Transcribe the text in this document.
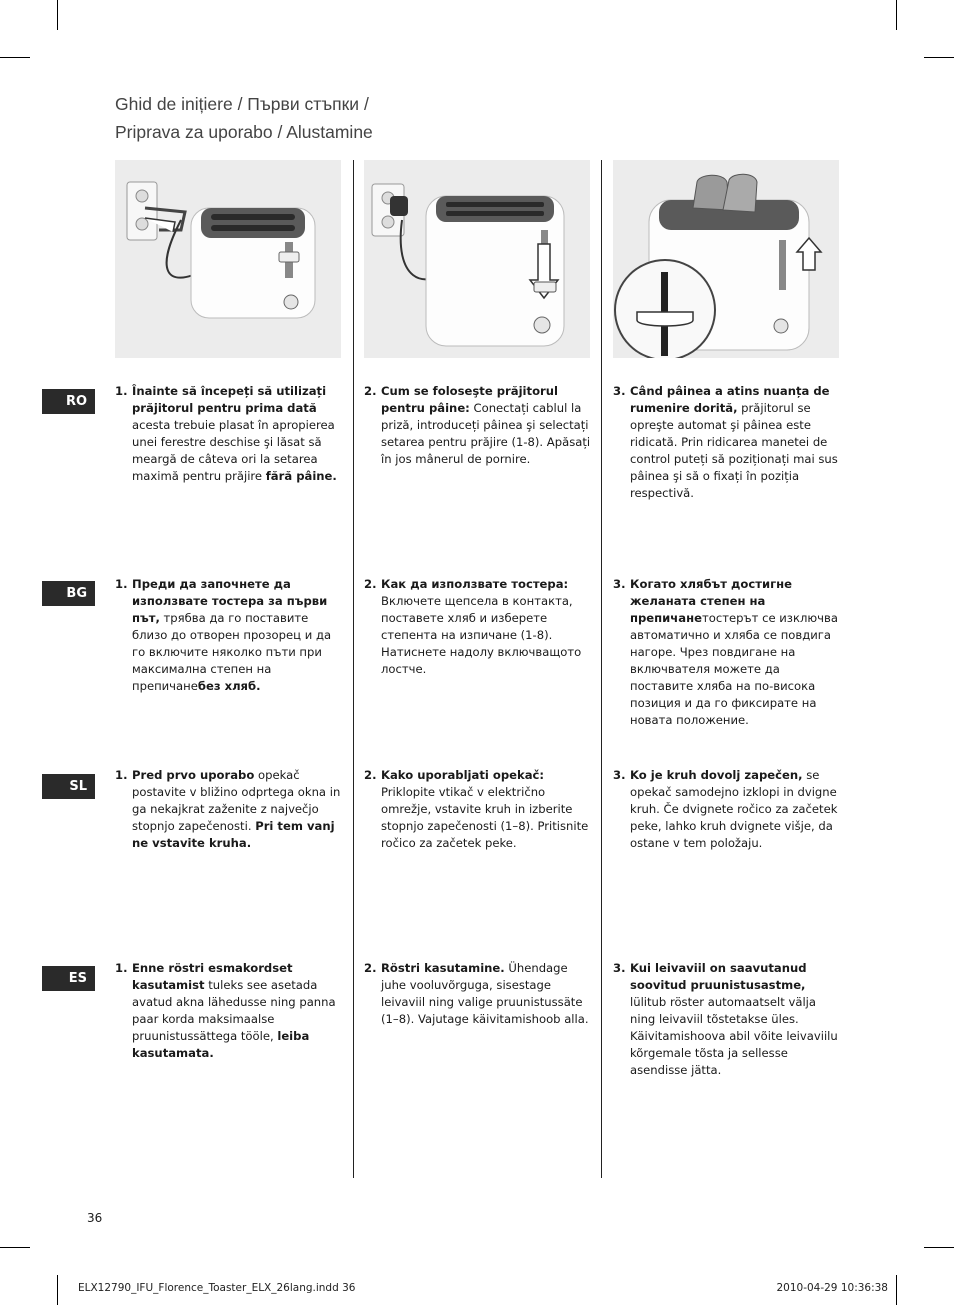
Ghid de inițiere / Първи стъпки /
Priprava za uporabo / Alustamine
RO
1. Înainte să începeți să utilizați prăjitorul pentru prima dată acesta trebuie plasat în apropierea unei ferestre deschise şi lăsat să meargă de câteva ori la setarea maximă pentru prăjire fără pâine.
2. Cum se foloseşte prăjitorul pentru pâine: Conectați cablul la priză, introduceți pâinea şi selectați setarea pentru prăjire (1-8). Apăsați în jos mânerul de pornire.
3. Când pâinea a atins nuanța de rumenire dorită, prăjitorul se opreşte automat şi pâinea este ridicată. Prin ridicarea manetei de control puteți să poziționați mai sus pâinea şi să o fixați în poziția respectivă.
BG
1. Преди да започнете да използвате тостера за първи път, трябва да го поставите близо до отворен прозорец и да го включите няколко пъти при максимална степен на препичанебез хляб.
2. Как да използвате тостера: Включете щепсела в контакта, поставете хляб и изберете степента на изпичане (1-8). Натиснете надолу включващото лостче.
3. Когато хлябът достигне желаната степен на препичанетостерът се изключва автоматично и хляба се повдига нагоре. Чрез повдигане на включвателя можете да поставите хляба на по-висока позиция и да го фиксирате на новата положение.
SL
1. Pred prvo uporabo opekač postavite v bližino odprtega okna in ga nekajkrat zaženite z največjo stopnjo zapečenosti. Pri tem vanj ne vstavite kruha.
2. Kako uporabljati opekač: Priklopite vtikač v električno omrežje, vstavite kruh in izberite stopnjo zapečenosti (1–8). Pritisnite ročico za začetek peke.
3. Ko je kruh dovolj zapečen, se opekač samodejno izklopi in dvigne kruh. Če dvignete ročico za začetek peke, lahko kruh dvignete višje, da ostane v tem položaju.
ES
1. Enne röstri esmakordset kasutamist tuleks see asetada avatud akna lähedusse ning panna paar korda maksimaalse pruunistussättega tööle, leiba kasutamata.
2. Röstri kasutamine. Ühendage juhe vooluvõrguga, sisestage leivaviil ning valige pruunistussäte (1–8). Vajutage käivitamishoob alla.
3. Kui leivaviil on saavutanud soovitud pruunistusastme, lülitub röster automaatselt välja ning leivaviil tõstetakse üles. Käivitamishoova abil võite leivaviilu kõrgemale tõsta ja sellesse asendisse jätta.
36
ELX12790_IFU_Florence_Toaster_ELX_26lang.indd 36	2010-04-29 10:36:38
